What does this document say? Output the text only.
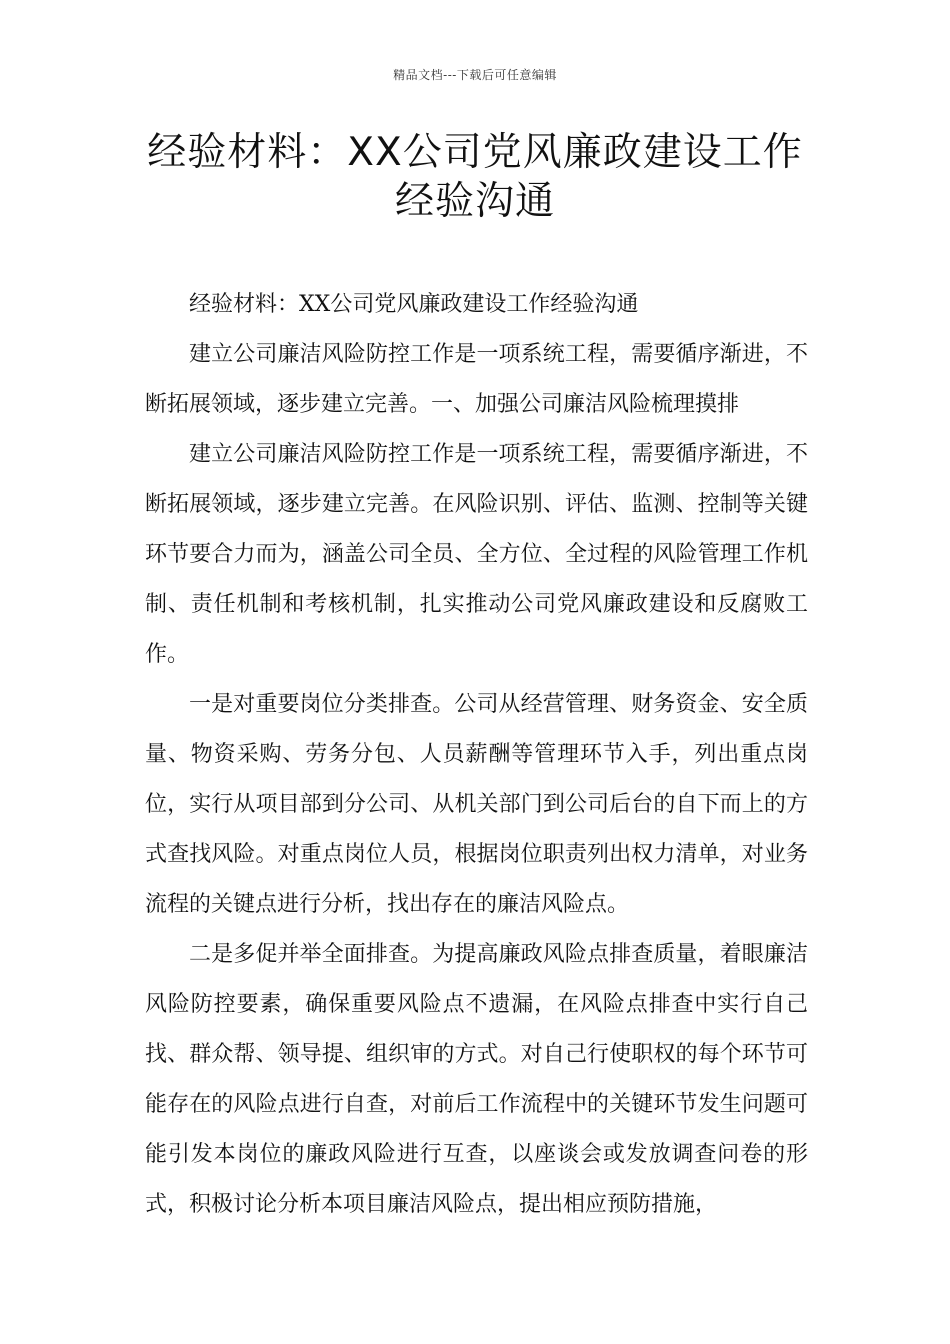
精品文档---下载后可任意编辑
经验材料：XX公司党风廉政建设工作经验沟通

经验材料：XX公司党风廉政建设工作经验沟通

建立公司廉洁风险防控工作是一项系统工程，需要循序渐进，不断拓展领域，逐步建立完善。一、加强公司廉洁风险梳理摸排

建立公司廉洁风险防控工作是一项系统工程，需要循序渐进，不断拓展领域，逐步建立完善。在风险识别、评估、监测、控制等关键环节要合力而为，涵盖公司全员、全方位、全过程的风险管理工作机制、责任机制和考核机制，扎实推动公司党风廉政建设和反腐败工作。

一是对重要岗位分类排查。公司从经营管理、财务资金、安全质量、物资采购、劳务分包、人员薪酬等管理环节入手，列出重点岗位，实行从项目部到分公司、从机关部门到公司后台的自下而上的方式查找风险。对重点岗位人员，根据岗位职责列出权力清单，对业务流程的关键点进行分析，找出存在的廉洁风险点。

二是多促并举全面排查。为提高廉政风险点排查质量，着眼廉洁风险防控要素，确保重要风险点不遗漏，在风险点排查中实行自己找、群众帮、领导提、组织审的方式。对自己行使职权的每个环节可能存在的风险点进行自查，对前后工作流程中的关键环节发生问题可能引发本岗位的廉政风险进行互查，以座谈会或发放调查问卷的形式，积极讨论分析本项目廉洁风险点，提出相应预防措施，
